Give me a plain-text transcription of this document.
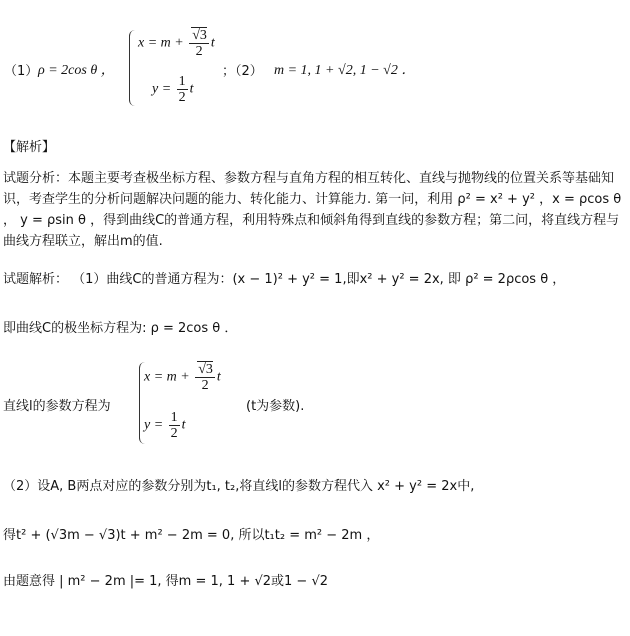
（1） ρ = 2cos θ ，
$x = m + \frac{√3}{2}$ t
$y = \frac{1}{2}$ t
；（2） m = 1, 1 + √2, 1 − √2 ．
【解析】
试题分析：本题主要考查极坐标方程、参数方程与直角方程的相互转化、直线与抛物线的位置关系等基础知识，考查学生的分析问题解决问题的能力、转化能力、计算能力. 第一问，利用 ρ² = x² + y² ，x = ρcos θ ， y = ρsin θ ，得到曲线C的普通方程，利用特殊点和倾斜角得到直线的参数方程；第二问，将直线方程与曲线方程联立，解出m的值.
试题解析： （1）曲线C的普通方程为：(x − 1)² + y² = 1,即x² + y² = 2x, 即 ρ² = 2ρcos θ ，
即曲线C的极坐标方程为: ρ = 2cos θ ．
直线l的参数方程为
$x = m + \frac{√3}{2}$ t
(t为参数).
$y = \frac{1}{2}$ t
（2）设A, B两点对应的参数分别为t₁, t₂,将直线l的参数方程代入 x² + y² = 2x中,
得t² + (√3m − √3)t + m² − 2m = 0, 所以t₁t₂ = m² − 2m ，
由题意得 | m² − 2m |= 1, 得m = 1, 1 + √2或1 − √2
